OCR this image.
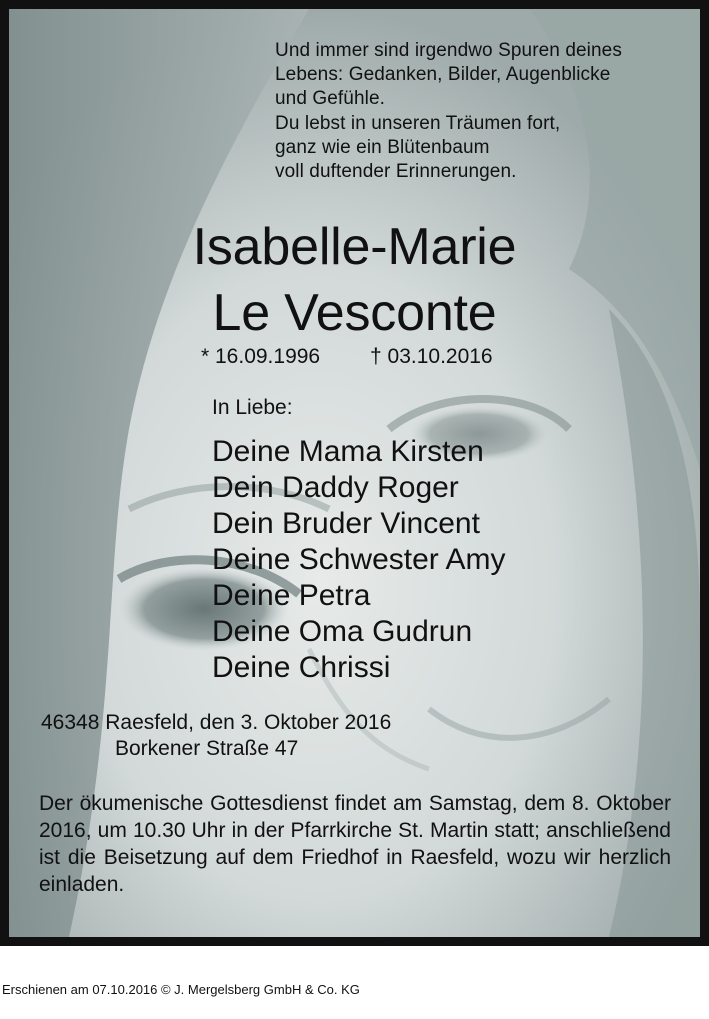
Und immer sind irgendwo Spuren deines
Lebens: Gedanken, Bilder, Augenblicke
und Gefühle.
Du lebst in unseren Träumen fort,
ganz wie ein Blütenbaum
voll duftender Erinnerungen.
Isabelle-Marie
Le Vesconte
* 16.09.1996 † 03.10.2016
In Liebe:
Deine Mama Kirsten
Dein Daddy Roger
Dein Bruder Vincent
Deine Schwester Amy
Deine Petra
Deine Oma Gudrun
Deine Chrissi
46348 Raesfeld, den 3. Oktober 2016
Borkener Straße 47
Der ökumenische Gottesdienst findet am Samstag, dem 8. Oktober 2016, um 10.30 Uhr in der Pfarrkirche St. Martin statt; anschließend ist die Beisetzung auf dem Friedhof in Raesfeld, wozu wir herzlich einladen.
Erschienen am 07.10.2016 © J. Mergelsberg GmbH & Co. KG
